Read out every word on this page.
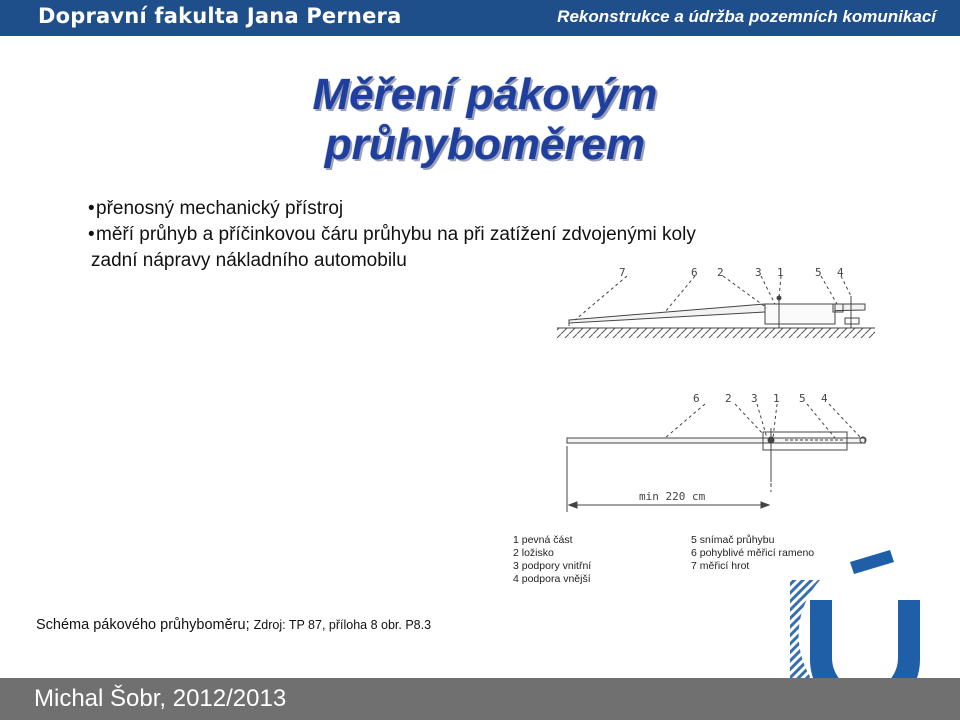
Dopravní fakulta Jana Pernera	Rekonstrukce a údržba pozemních komunikací
Měření pákovým
průhyboměrem
•přenosný mechanický přístroj
•měří průhyb a příčinkovou čáru průhybu na při zatížení zdvojenými koly
zadní nápravy nákladního automobilu
7	6 2	3 1	5 4
6 2 3 1 5 4
min 220 cm
1 pevná část
2 ložisko
3 podpory vnitřní
4 podpora vnější
5 snímač průhybu
6 pohyblivé měřicí rameno
7 měřicí hrot
Schéma pákového průhyboměru; Zdroj: TP 87, příloha 8 obr. P8.3
Michal Šobr, 2012/2013
